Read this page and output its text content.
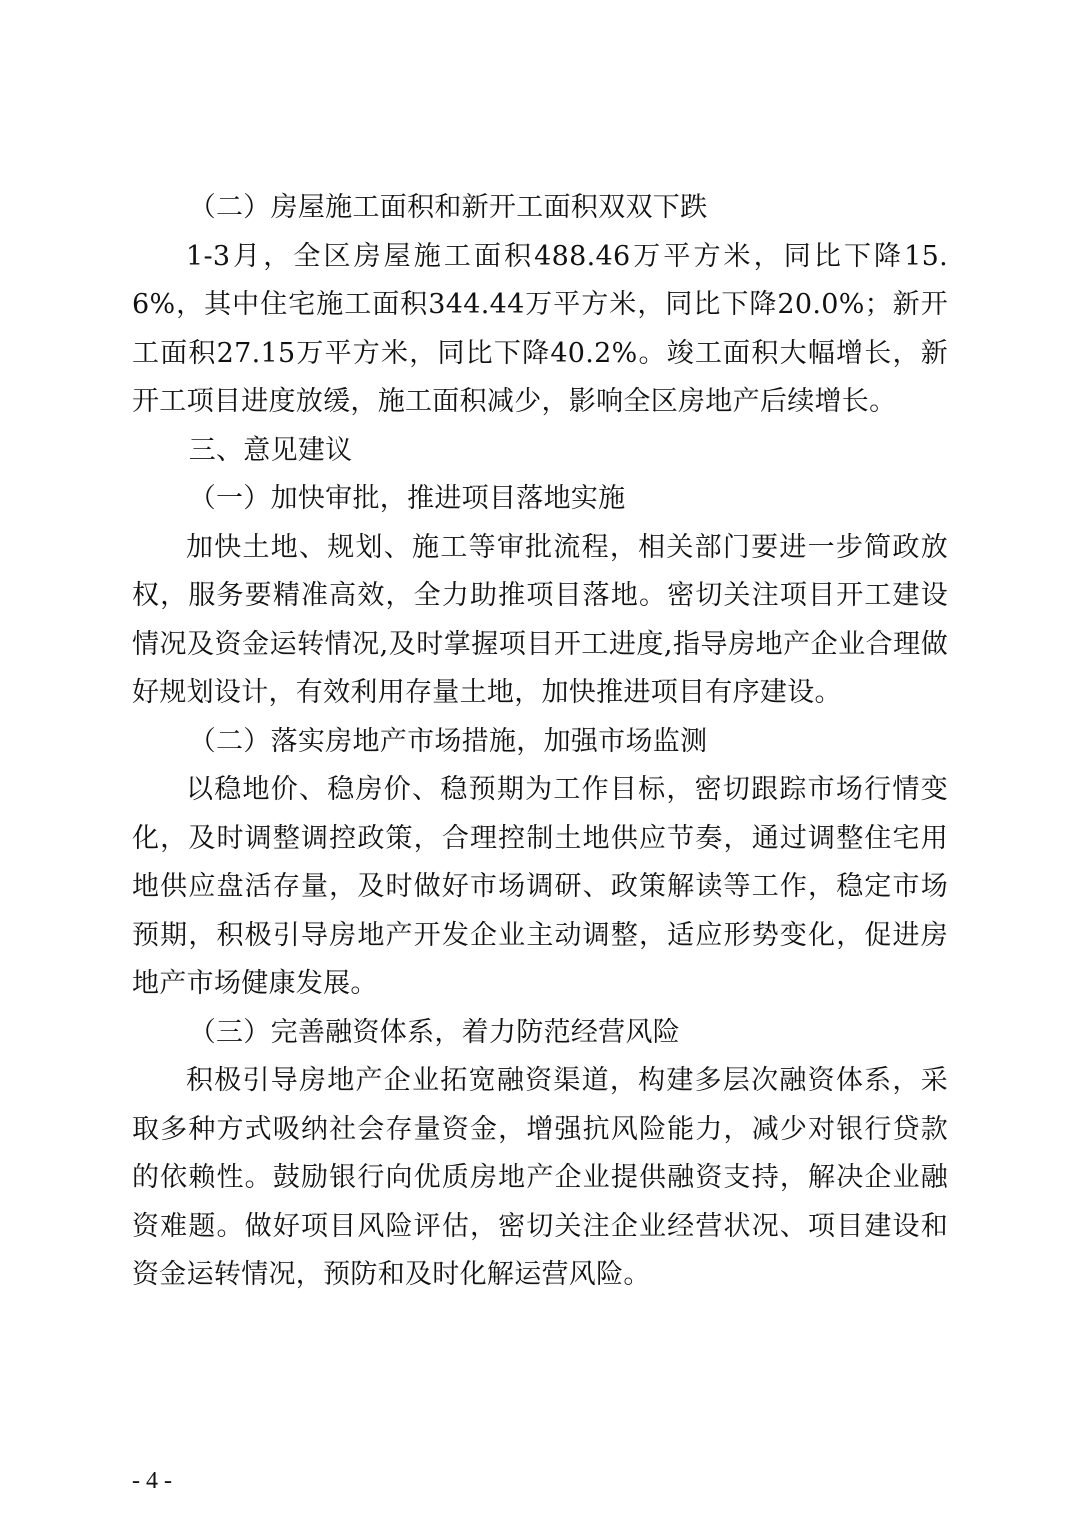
（二）房屋施工面积和新开工面积双双下跌

1-3月，全区房屋施工面积488.46万平方米，同比下降15.6%，其中住宅施工面积344.44万平方米，同比下降20.0%；新开工面积27.15万平方米，同比下降40.2%。竣工面积大幅增长，新开工项目进度放缓，施工面积减少，影响全区房地产后续增长。

三、意见建议

（一）加快审批，推进项目落地实施

加快土地、规划、施工等审批流程，相关部门要进一步简政放权，服务要精准高效，全力助推项目落地。密切关注项目开工建设情况及资金运转情况,及时掌握项目开工进度,指导房地产企业合理做好规划设计，有效利用存量土地，加快推进项目有序建设。

（二）落实房地产市场措施，加强市场监测

以稳地价、稳房价、稳预期为工作目标，密切跟踪市场行情变化，及时调整调控政策，合理控制土地供应节奏，通过调整住宅用地供应盘活存量，及时做好市场调研、政策解读等工作，稳定市场预期，积极引导房地产开发企业主动调整，适应形势变化，促进房地产市场健康发展。

（三）完善融资体系，着力防范经营风险

积极引导房地产企业拓宽融资渠道，构建多层次融资体系，采取多种方式吸纳社会存量资金，增强抗风险能力，减少对银行贷款的依赖性。鼓励银行向优质房地产企业提供融资支持，解决企业融资难题。做好项目风险评估，密切关注企业经营状况、项目建设和资金运转情况，预防和及时化解运营风险。

- 4 -
